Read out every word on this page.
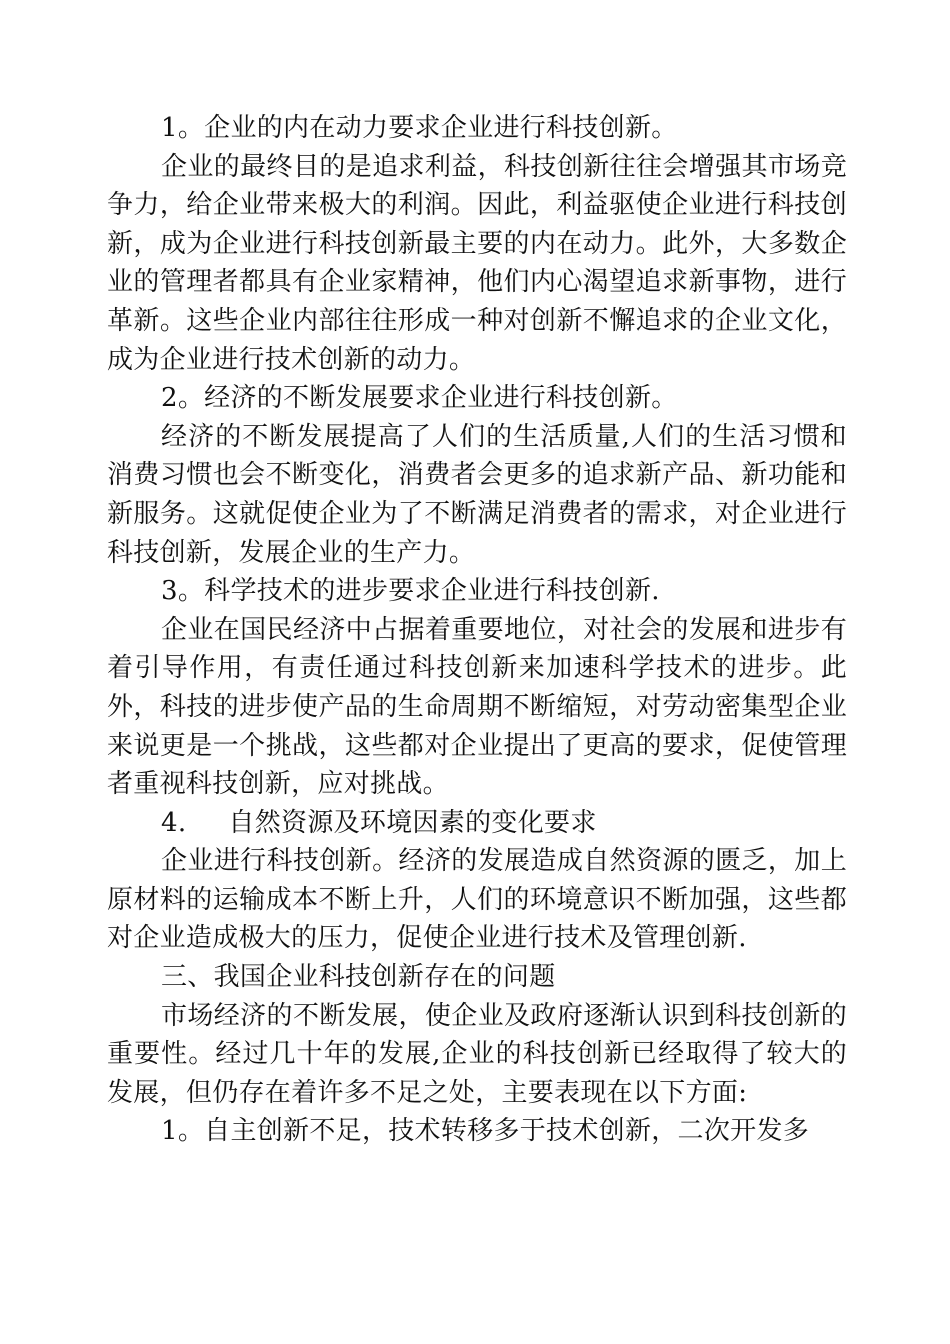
1。企业的内在动力要求企业进行科技创新。

企业的最终目的是追求利益，科技创新往往会增强其市场竞争力，给企业带来极大的利润。因此，利益驱使企业进行科技创新，成为企业进行科技创新最主要的内在动力。此外，大多数企业的管理者都具有企业家精神，他们内心渴望追求新事物，进行革新。这些企业内部往往形成一种对创新不懈追求的企业文化，成为企业进行技术创新的动力。

2。经济的不断发展要求企业进行科技创新。

经济的不断发展提高了人们的生活质量,人们的生活习惯和消费习惯也会不断变化，消费者会更多的追求新产品、新功能和新服务。这就促使企业为了不断满足消费者的需求，对企业进行科技创新，发展企业的生产力。

3。科学技术的进步要求企业进行科技创新.

企业在国民经济中占据着重要地位，对社会的发展和进步有着引导作用，有责任通过科技创新来加速科学技术的进步。此外，科技的进步使产品的生命周期不断缩短，对劳动密集型企业来说更是一个挑战，这些都对企业提出了更高的要求，促使管理者重视科技创新，应对挑战。

4. 自然资源及环境因素的变化要求

企业进行科技创新。经济的发展造成自然资源的匮乏，加上原材料的运输成本不断上升，人们的环境意识不断加强，这些都对企业造成极大的压力，促使企业进行技术及管理创新.

三、我国企业科技创新存在的问题

市场经济的不断发展，使企业及政府逐渐认识到科技创新的重要性。经过几十年的发展,企业的科技创新已经取得了较大的发展，但仍存在着许多不足之处，主要表现在以下方面:

1。自主创新不足，技术转移多于技术创新，二次开发多
